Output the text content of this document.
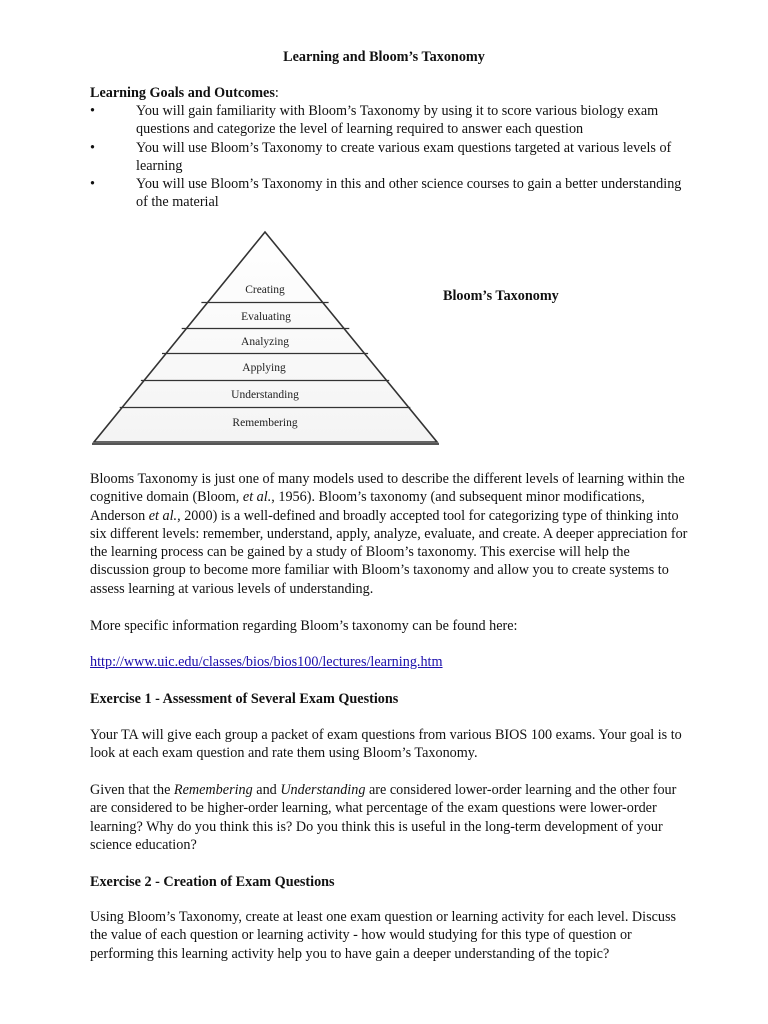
Learning and Bloom’s Taxonomy
Learning Goals and Outcomes:
•	You will gain familiarity with Bloom’s Taxonomy by using it to score various biology exam questions and categorize the level of learning required to answer each question
•	You will use Bloom’s Taxonomy to create various exam questions targeted at various levels of learning
•	You will use Bloom’s Taxonomy in this and other science courses to gain a better understanding of the material
Creating
Evaluating
Analyzing
Applying
Understanding
Remembering
Bloom’s Taxonomy
Blooms Taxonomy is just one of many models used to describe the different levels of learning within the cognitive domain (Bloom, et al., 1956). Bloom’s taxonomy (and subsequent minor modifications, Anderson et al., 2000) is a well-defined and broadly accepted tool for categorizing type of thinking into six different levels: remember, understand, apply, analyze, evaluate, and create. A deeper appreciation for the learning process can be gained by a study of Bloom’s taxonomy. This exercise will help the discussion group to become more familiar with Bloom’s taxonomy and allow you to create systems to assess learning at various levels of understanding.
More specific information regarding Bloom’s taxonomy can be found here:
http://www.uic.edu/classes/bios/bios100/lectures/learning.htm
Exercise 1 - Assessment of Several Exam Questions
Your TA will give each group a packet of exam questions from various BIOS 100 exams. Your goal is to look at each exam question and rate them using Bloom’s Taxonomy.
Given that the Remembering and Understanding are considered lower-order learning and the other four are considered to be higher-order learning, what percentage of the exam questions were lower-order learning? Why do you think this is? Do you think this is useful in the long-term development of your science education?
Exercise 2 - Creation of Exam Questions
Using Bloom’s Taxonomy, create at least one exam question or learning activity for each level. Discuss the value of each question or learning activity - how would studying for this type of question or performing this learning activity help you to have gain a deeper understanding of the topic?
